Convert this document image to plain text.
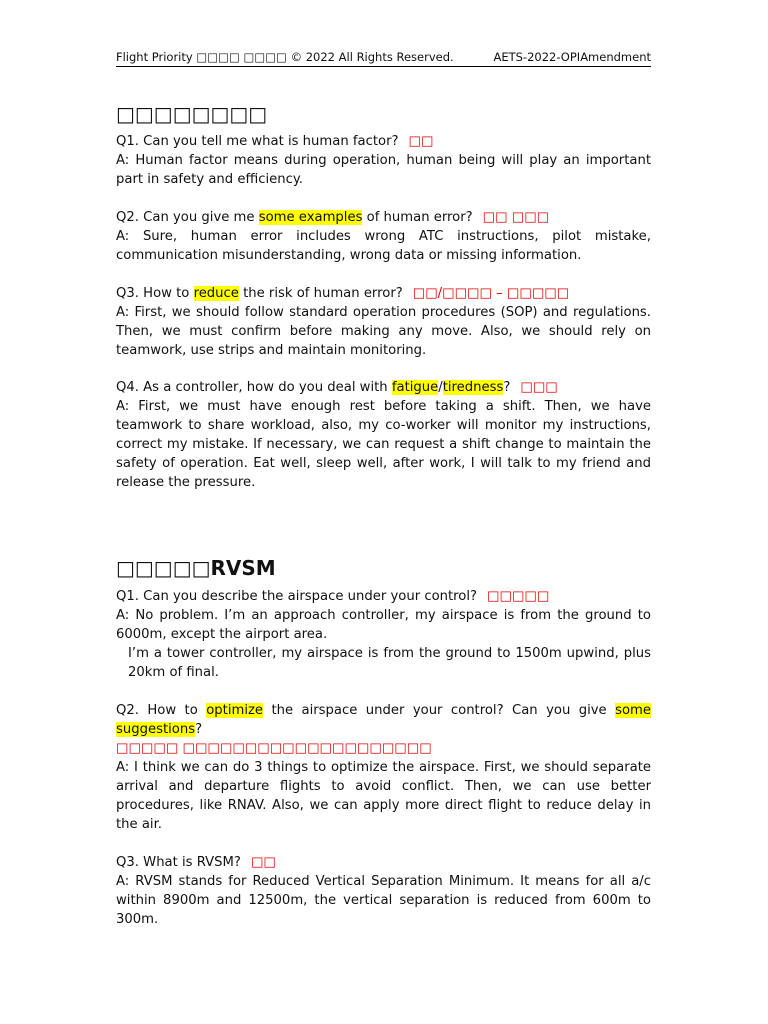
Flight Priority □□□□ □□□□ © 2022 All Rights Reserved.	AETS-2022-OPIAmendment
□□□□□□□□

Q1. Can you tell me what is human factor? □□

A: Human factor means during operation, human being will play an important part in safety and efficiency.

Q2. Can you give me some examples of human error? □□ □□□

A: Sure, human error includes wrong ATC instructions, pilot mistake, communication misunderstanding, wrong data or missing information.

Q3. How to reduce the risk of human error? □□/□□□□ – □□□□□

A: First, we should follow standard operation procedures (SOP) and regulations. Then, we must confirm before making any move. Also, we should rely on teamwork, use strips and maintain monitoring.

Q4. As a controller, how do you deal with fatigue/tiredness? □□□

A: First, we must have enough rest before taking a shift. Then, we have teamwork to share workload, also, my co-worker will monitor my instructions, correct my mistake. If necessary, we can request a shift change to maintain the safety of operation. Eat well, sleep well, after work, I will talk to my friend and release the pressure.

□□□□□RVSM

Q1. Can you describe the airspace under your control? □□□□□

A: No problem. I’m an approach controller, my airspace is from the ground to 6000m, except the airport area.

I’m a tower controller, my airspace is from the ground to 1500m upwind, plus 20km of final.

Q2. How to optimize the airspace under your control? Can you give some suggestions?

□□□□□ □□□□□□□□□□□□□□□□□□□□

A: I think we can do 3 things to optimize the airspace. First, we should separate arrival and departure flights to avoid conflict. Then, we can use better procedures, like RNAV. Also, we can apply more direct flight to reduce delay in the air.

Q3. What is RVSM? □□

A: RVSM stands for Reduced Vertical Separation Minimum. It means for all a/c within 8900m and 12500m, the vertical separation is reduced from 600m to 300m.
